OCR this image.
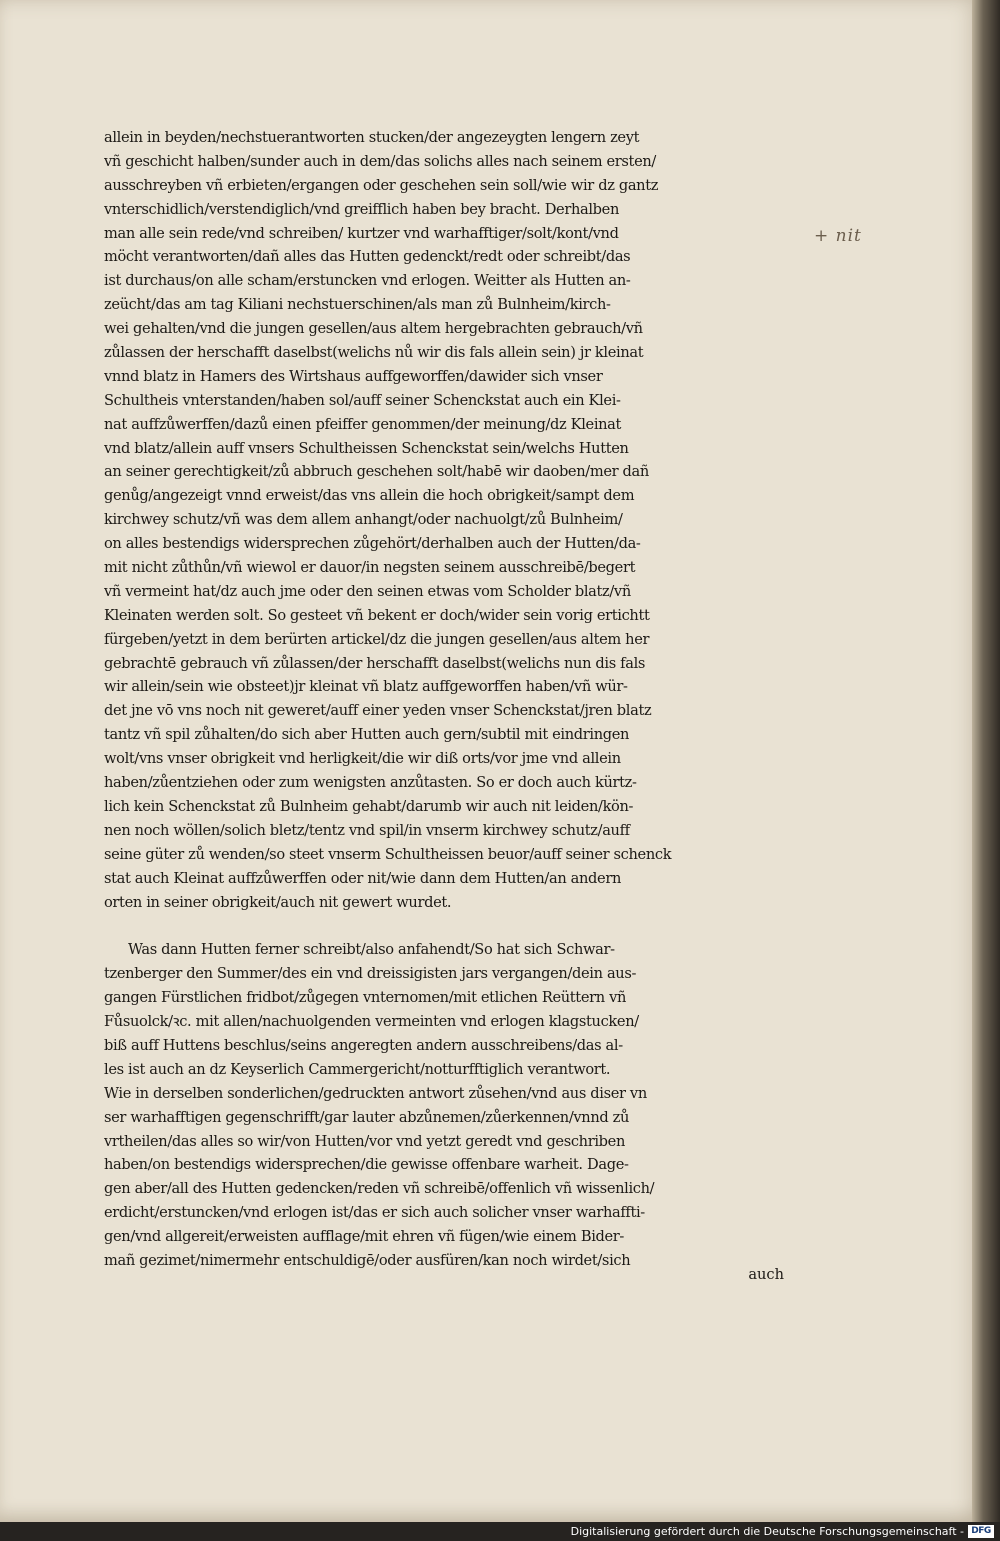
allein in beyden/nechstuerantworten stucken/der angezeygten lengern zeyt
vñ geschicht halben/sunder auch in dem/das solichs alles nach seinem ersten/
ausschreyben vñ erbieten/ergangen oder geschehen sein soll/wie wir dz gantz
vnterschidlich/verstendiglich/vnd greifflich haben bey bracht. Derhalben
man alle sein rede/vnd schreiben/ kurtzer vnd warhafftiger/solt/kont/vnd
möcht verantworten/dañ alles das Hutten gedenckt/redt oder schreibt/das
ist durchaus/on alle scham/erstuncken vnd erlogen. Weitter als Hutten an-
zeücht/das am tag Kiliani nechstuerschinen/als man zů Bulnheim/kirch-
wei gehalten/vnd die jungen gesellen/aus altem hergebrachten gebrauch/vñ
zůlassen der herschafft daselbst(welichs nů wir dis fals allein sein) jr kleinat
vnnd blatz in Hamers des Wirtshaus auffgeworffen/dawider sich vnser
Schultheis vnterstanden/haben sol/auff seiner Schenckstat auch ein Klei-
nat auffzůwerffen/dazů einen pfeiffer genommen/der meinung/dz Kleinat
vnd blatz/allein auff vnsers Schultheissen Schenckstat sein/welchs Hutten
an seiner gerechtigkeit/zů abbruch geschehen solt/habē wir daoben/mer dañ
genůg/angezeigt vnnd erweist/das vns allein die hoch obrigkeit/sampt dem
kirchwey schutz/vñ was dem allem anhangt/oder nachuolgt/zů Bulnheim/
on alles bestendigs widersprechen zůgehört/derhalben auch der Hutten/da-
mit nicht zůthůn/vñ wiewol er dauor/in negsten seinem ausschreibē/begert
vñ vermeint hat/dz auch jme oder den seinen etwas vom Scholder blatz/vñ
Kleinaten werden solt. So gesteet vñ bekent er doch/wider sein vorig ertichtt
fürgeben/yetzt in dem berürten artickel/dz die jungen gesellen/aus altem her
gebrachtē gebrauch vñ zůlassen/der herschafft daselbst(welichs nun dis fals
wir allein/sein wie obsteet)jr kleinat vñ blatz auffgeworffen haben/vñ wür-
det jne vō vns noch nit geweret/auff einer yeden vnser Schenckstat/jren blatz
tantz vñ spil zůhalten/do sich aber Hutten auch gern/subtil mit eindringen
wolt/vns vnser obrigkeit vnd herligkeit/die wir diß orts/vor jme vnd allein
haben/zůentziehen oder zum wenigsten anzůtasten. So er doch auch kürtz-
lich kein Schenckstat zů Bulnheim gehabt/darumb wir auch nit leiden/kön-
nen noch wöllen/solich bletz/tentz vnd spil/in vnserm kirchwey schutz/auff
seine güter zů wenden/so steet vnserm Schultheissen beuor/auff seiner schenck
stat auch Kleinat auffzůwerffen oder nit/wie dann dem Hutten/an andern
orten in seiner obrigkeit/auch nit gewert wurdet.
Was dann Hutten ferner schreibt/also anfahendt/So hat sich Schwar-
tzenberger den Summer/des ein vnd dreissigisten jars vergangen/dein aus-
gangen Fürstlichen fridbot/zůgegen vnternomen/mit etlichen Reüttern vñ
Fůsuolck/ꝛc. mit allen/nachuolgenden vermeinten vnd erlogen klagstucken/
biß auff Huttens beschlus/seins angeregten andern ausschreibens/das al-
les ist auch an dz Keyserlich Cammergericht/notturfftiglich verantwort.
Wie in derselben sonderlichen/gedruckten antwort zůsehen/vnd aus diser vn
ser warhafftigen gegenschrifft/gar lauter abzůnemen/zůerkennen/vnnd zů
vrtheilen/das alles so wir/von Hutten/vor vnd yetzt geredt vnd geschriben
haben/on bestendigs widersprechen/die gewisse offenbare warheit. Dage-
gen aber/all des Hutten gedencken/reden vñ schreibē/offenlich vñ wissenlich/
erdicht/erstuncken/vnd erlogen ist/das er sich auch solicher vnser warhaffti-
gen/vnd allgereit/erweisten aufflage/mit ehren vñ fügen/wie einem Bider-
mañ gezimet/nimermehr entschuldigē/oder ausfüren/kan noch wirdet/sich
auch
+ nit
Digitalisierung gefördert durch die Deutsche Forschungsgemeinschaft - DFG
